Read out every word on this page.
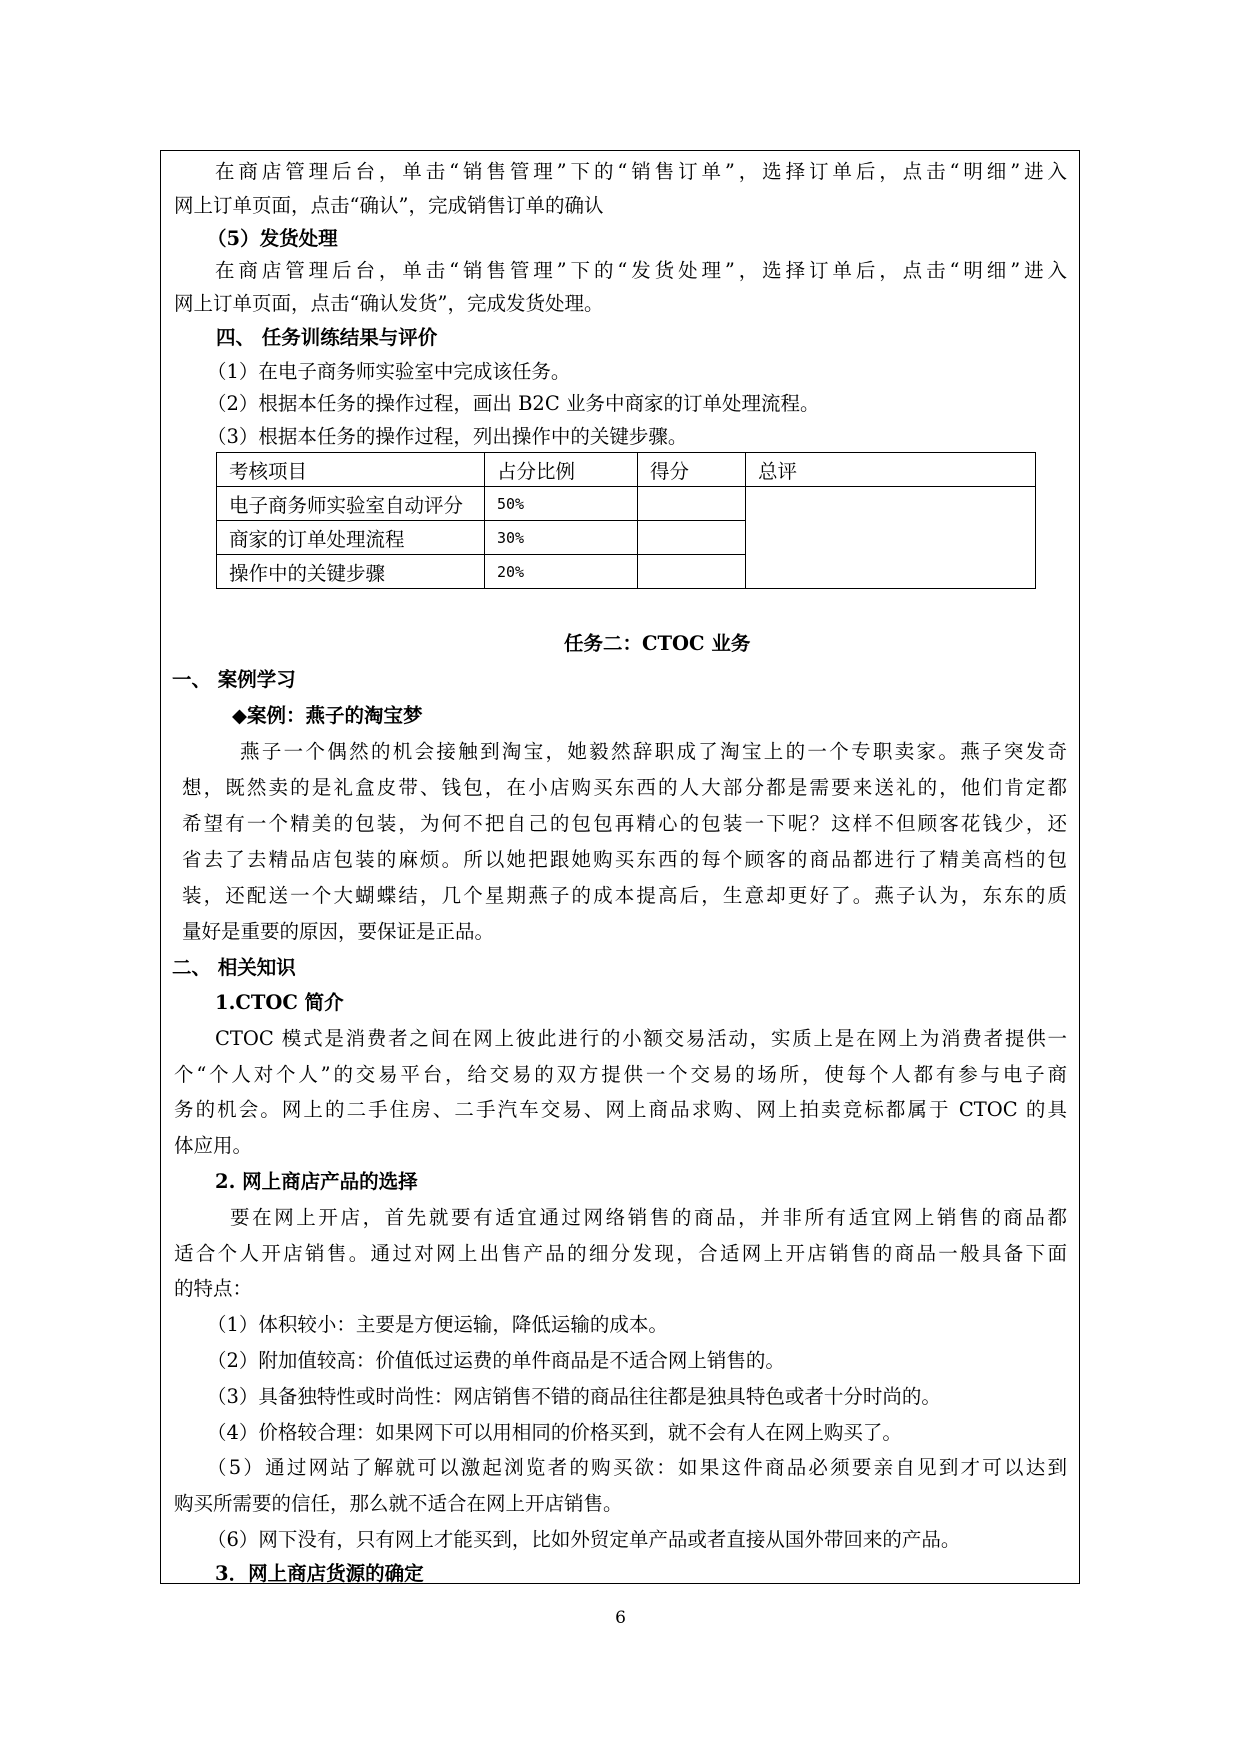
在商店管理后台，单击“销售管理”下的“销售订单”，选择订单后，点击“明细”进入
网上订单页面，点击“确认”，完成销售订单的确认
（5）发货处理
在商店管理后台，单击“销售管理”下的“发货处理”，选择订单后，点击“明细”进入
网上订单页面，点击“确认发货”，完成发货处理。
四、 任务训练结果与评价
（1）在电子商务师实验室中完成该任务。
（2）根据本任务的操作过程，画出 B2C 业务中商家的订单处理流程。
（3）根据本任务的操作过程，列出操作中的关键步骤。
任务二：CTOC 业务
一、 案例学习
◆案例：燕子的淘宝梦
燕子一个偶然的机会接触到淘宝，她毅然辞职成了淘宝上的一个专职卖家。燕子突发奇
想，既然卖的是礼盒皮带、钱包，在小店购买东西的人大部分都是需要来送礼的，他们肯定都
希望有一个精美的包装，为何不把自己的包包再精心的包装一下呢？这样不但顾客花钱少，还
省去了去精品店包装的麻烦。所以她把跟她购买东西的每个顾客的商品都进行了精美高档的包
装，还配送一个大蝴蝶结，几个星期燕子的成本提高后，生意却更好了。燕子认为，东东的质
量好是重要的原因，要保证是正品。
二、 相关知识
1.CTOC 简介
CTOC 模式是消费者之间在网上彼此进行的小额交易活动，实质上是在网上为消费者提供一
个“个人对个人”的交易平台，给交易的双方提供一个交易的场所，使每个人都有参与电子商
务的机会。网上的二手住房、二手汽车交易、网上商品求购、网上拍卖竞标都属于 CTOC 的具
体应用。
2. 网上商店产品的选择
要在网上开店，首先就要有适宜通过网络销售的商品，并非所有适宜网上销售的商品都
适合个人开店销售。通过对网上出售产品的细分发现，合适网上开店销售的商品一般具备下面
的特点：
（1）体积较小：主要是方便运输，降低运输的成本。
（2）附加值较高：价值低过运费的单件商品是不适合网上销售的。
（3）具备独特性或时尚性：网店销售不错的商品往往都是独具特色或者十分时尚的。
（4）价格较合理：如果网下可以用相同的价格买到，就不会有人在网上购买了。
（5）通过网站了解就可以激起浏览者的购买欲：如果这件商品必须要亲自见到才可以达到
购买所需要的信任，那么就不适合在网上开店销售。
（6）网下没有，只有网上才能买到，比如外贸定单产品或者直接从国外带回来的产品。
3．网上商店货源的确定
考核项目	占分比例	得分	总评
电子商务师实验室自动评分	50%		
商家的订单处理流程	30%		
操作中的关键步骤	20%		
6
